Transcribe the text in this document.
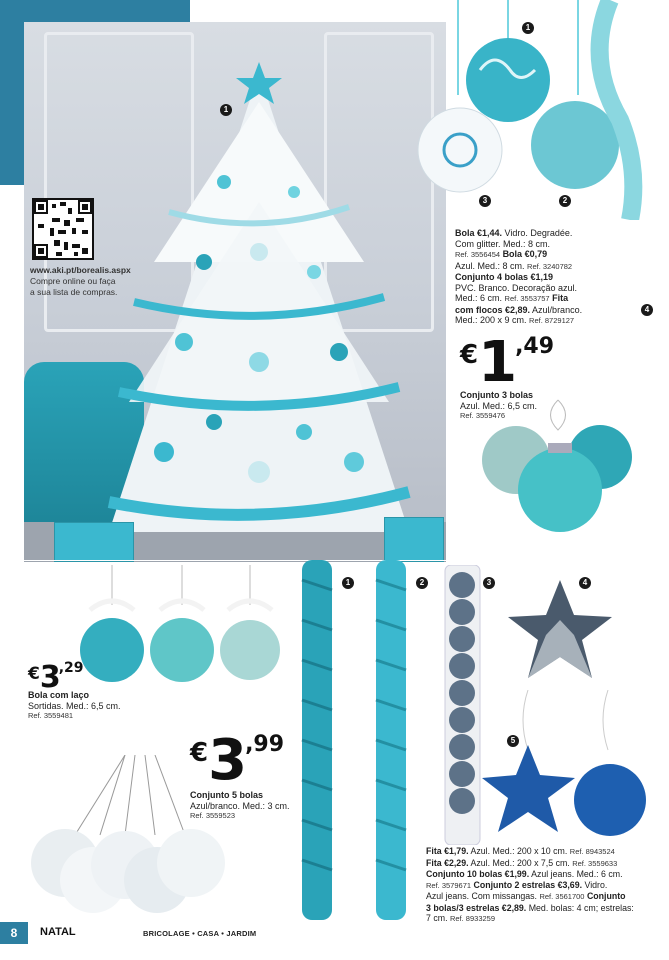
1
www.aki.pt/borealis.aspx
Compre online ou faça
a sua lista de compras.
1
3	2
4
Bola €1,44. Vidro. Degradée.
Com glitter. Med.: 8 cm.
Ref. 3556454 Bola €0,79
Azul. Med.: 8 cm. Ref. 3240782
Conjunto 4 bolas €1,19
PVC. Branco. Decoração azul.
Med.: 6 cm. Ref. 3553757 Fita
com flocos €2,89. Azul/branco.
Med.: 200 x 9 cm. Ref. 8729127
€1,49
Conjunto 3 bolas
Azul. Med.: 6,5 cm.
Ref. 3559476
€3,29
Bola com laço
Sortidas. Med.: 6,5 cm.
Ref. 3559481
€3,99
Conjunto 5 bolas
Azul/branco. Med.: 3 cm.
Ref. 3559523
1	2	3	4
5
Fita €1,79. Azul. Med.: 200 x 10 cm. Ref. 8943524
Fita €2,29. Azul. Med.: 200 x 7,5 cm. Ref. 3559633
Conjunto 10 bolas €1,99. Azul jeans. Med.: 6 cm.
Ref. 3579671 Conjunto 2 estrelas €3,69. Vidro.
Azul jeans. Com missangas. Ref. 3561700 Conjunto
3 bolas/3 estrelas €2,89. Med. bolas: 4 cm; estrelas:
7 cm. Ref. 8933259
8	NATAL	BRICOLAGE • CASA • JARDIM
